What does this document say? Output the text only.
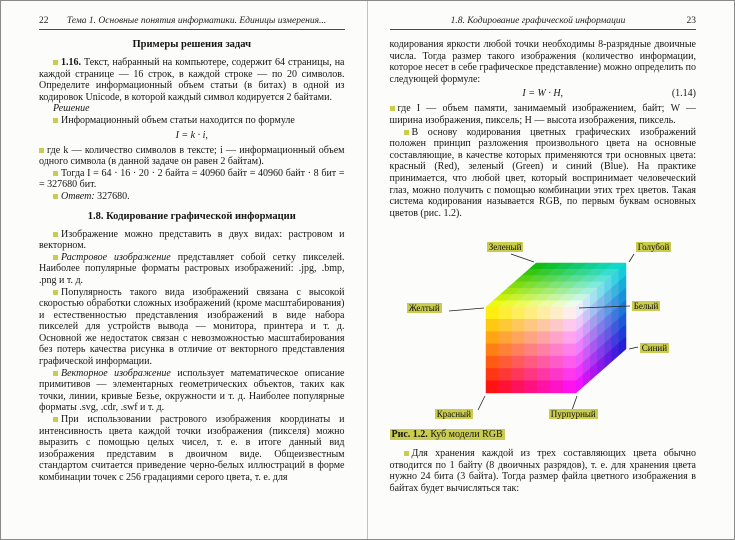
22	Тема 1. Основные понятия информатики. Единицы измерения...
Примеры решения задач

1.16. Текст, набранный на компьютере, содержит 64 страницы, на каждой странице — 16 строк, в каждой строке — по 20 символов. Определите информационный объем статьи (в битах) в одной из кодировок Unicode, в которой каждый символ кодируется 2 байтами.

Решение

Информационный объем статьи находится по формуле

I = k · i,

где k — количество символов в тексте; i — информационный объем одного символа (в данной задаче он равен 2 байтам).

Тогда I = 64 · 16 · 20 · 2 байта = 40960 байт = 40960 байт · 8 бит = = 327680 бит.

Ответ: 327680.

1.8. Кодирование графической информации

Изображение можно представить в двух видах: растровом и векторном.

Растровое изображение представляет собой сетку пикселей. Наиболее популярные форматы растровых изображений: .jpg, .bmp, .png и т. д.

Популярность такого вида изображений связана с высокой скоростью обработки сложных изображений (кроме масштабирования) и естественностью представления изображений в виде набора пикселей для устройств вывода — монитора, принтера и т. д. Основной же недостаток связан с невозможностью масштабирования без потерь качества рисунка в отличие от векторного представления графической информации.

Векторное изображение использует математическое описание примитивов — элементарных геометрических объектов, таких как точки, линии, кривые Безье, окружности и т. д. Наиболее популярные форматы .svg, .cdr, .swf и т. д.

При использовании растрового изображения координаты и интенсивность цвета каждой точки изображения (пикселя) можно выразить с помощью целых чисел, т. е. в итоге данный вид изображения представим в двоичном виде. Общеизвестным стандартом считается приведение черно-белых иллюстраций в форме комбинации точек с 256 градациями серого цвета, т. е. для

1.8. Кодирование графической информации	23

кодирования яркости любой точки необходимы 8-разрядные двоичные числа. Тогда размер такого изображения (количество информации, которое несет в себе графическое представление) можно определить по следующей формуле:

I = W · H,	(1.14)

где I — объем памяти, занимаемый изображением, байт; W — ширина изображения, пиксель; H — высота изображения, пиксель.

В основу кодирования цветных графических изображений положен принцип разложения произвольного цвета на основные составляющие, в качестве которых применяются три основных цвета: красный (Red), зеленый (Green) и синий (Blue). На практике принимается, что любой цвет, который воспринимает человеческий глаз, можно получить с помощью комбинации этих трех цветов. Такая система кодирования называется RGB, по первым буквам основных цветов (рис. 1.2).

Зеленый	Голубой
Желтый	Белый
Синий
Красный	Пурпурный

Рис. 1.2. Куб модели RGB

Для хранения каждой из трех составляющих цвета обычно отводится по 1 байту (8 двоичных разрядов), т. е. для хранения цвета нужно 24 бита (3 байта). Тогда размер файла цветного изображения в байтах будет вычисляться так:
